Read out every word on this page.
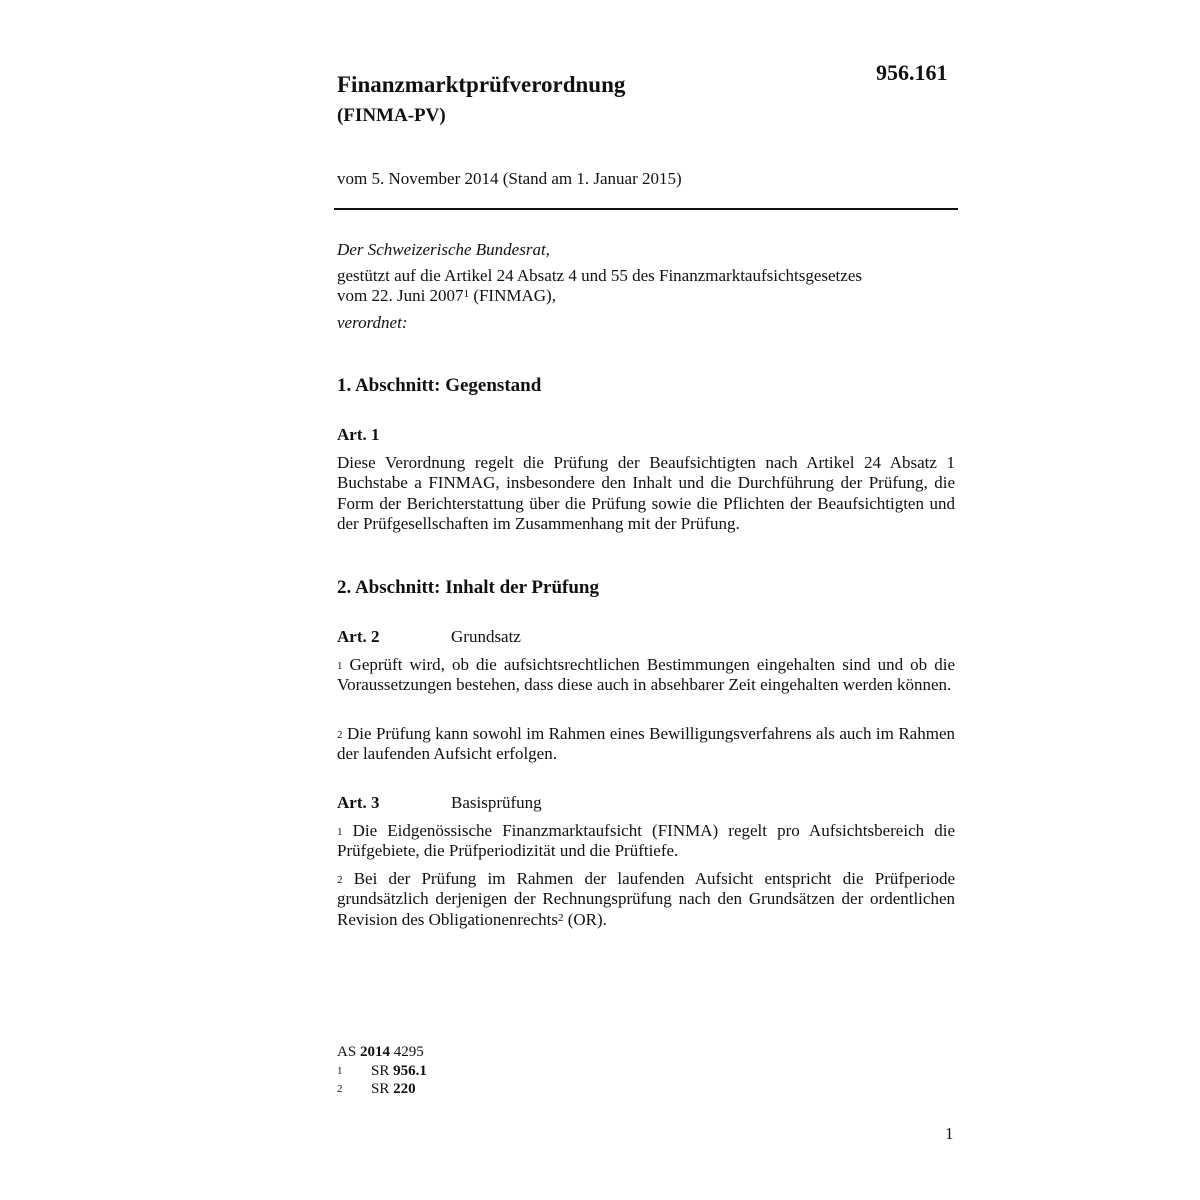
956.161
Finanzmarktprüfverordnung
(FINMA-PV)
vom 5. November 2014 (Stand am 1. Januar 2015)

Der Schweizerische Bundesrat,

gestützt auf die Artikel 24 Absatz 4 und 55 des Finanzmarktaufsichtsgesetzes
vom 22. Juni 2007$^1$ (FINMAG),

verordnet:

1. Abschnitt: Gegenstand
Art. 1

Diese Verordnung regelt die Prüfung der Beaufsichtigten nach Artikel 24 Absatz 1 Buchstabe a FINMAG, insbesondere den Inhalt und die Durchführung der Prüfung, die Form der Berichterstattung über die Prüfung sowie die Pflichten der Beaufsichtigten und der Prüfgesellschaften im Zusammenhang mit der Prüfung.

2. Abschnitt: Inhalt der Prüfung
Art. 2	Grundsatz

$^1$ Geprüft wird, ob die aufsichtsrechtlichen Bestimmungen eingehalten sind und ob die Voraussetzungen bestehen, dass diese auch in absehbarer Zeit eingehalten werden können.

$^2$ Die Prüfung kann sowohl im Rahmen eines Bewilligungsverfahrens als auch im Rahmen der laufenden Aufsicht erfolgen.

Art. 3	Basisprüfung

$^1$ Die Eidgenössische Finanzmarktaufsicht (FINMA) regelt pro Aufsichtsbereich die Prüfgebiete, die Prüfperiodizität und die Prüftiefe.

$^2$ Bei der Prüfung im Rahmen der laufenden Aufsicht entspricht die Prüfperiode grundsätzlich derjenigen der Rechnungsprüfung nach den Grundsätzen der ordentlichen Revision des Obligationenrechts$^2$ (OR).

AS 2014 4295
1 SR 956.1
2 SR 220
1
